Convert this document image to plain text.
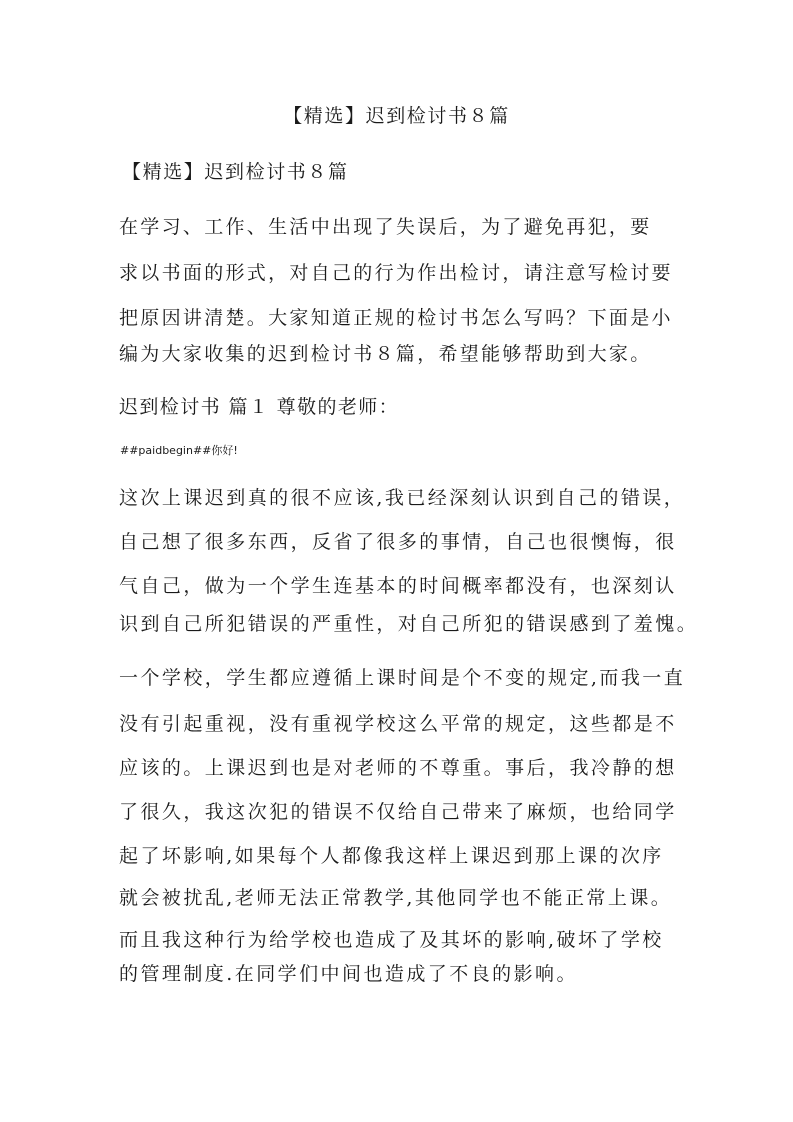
【精选】迟到检讨书８篇
【精选】迟到检讨书８篇
在学习、工作、生活中出现了失误后，为了避免再犯，要
求以书面的形式，对自己的行为作出检讨，请注意写检讨要
把原因讲清楚。大家知道正规的检讨书怎么写吗？下面是小
编为大家收集的迟到检讨书８篇，希望能够帮助到大家。
迟到检讨书 篇１ 尊敬的老师：
##paidbegin##你好!
这次上课迟到真的很不应该,我已经深刻认识到自己的错误，
自己想了很多东西，反省了很多的事情，自己也很懊悔，很
气自己，做为一个学生连基本的时间概率都没有，也深刻认
识到自己所犯错误的严重性，对自己所犯的错误感到了羞愧。
一个学校，学生都应遵循上课时间是个不变的规定,而我一直
没有引起重视，没有重视学校这么平常的规定，这些都是不
应该的。上课迟到也是对老师的不尊重。事后，我冷静的想
了很久，我这次犯的错误不仅给自己带来了麻烦，也给同学
起了坏影响,如果每个人都像我这样上课迟到那上课的次序
就会被扰乱,老师无法正常教学,其他同学也不能正常上课。
而且我这种行为给学校也造成了及其坏的影响,破坏了学校
的管理制度.在同学们中间也造成了不良的影响。
